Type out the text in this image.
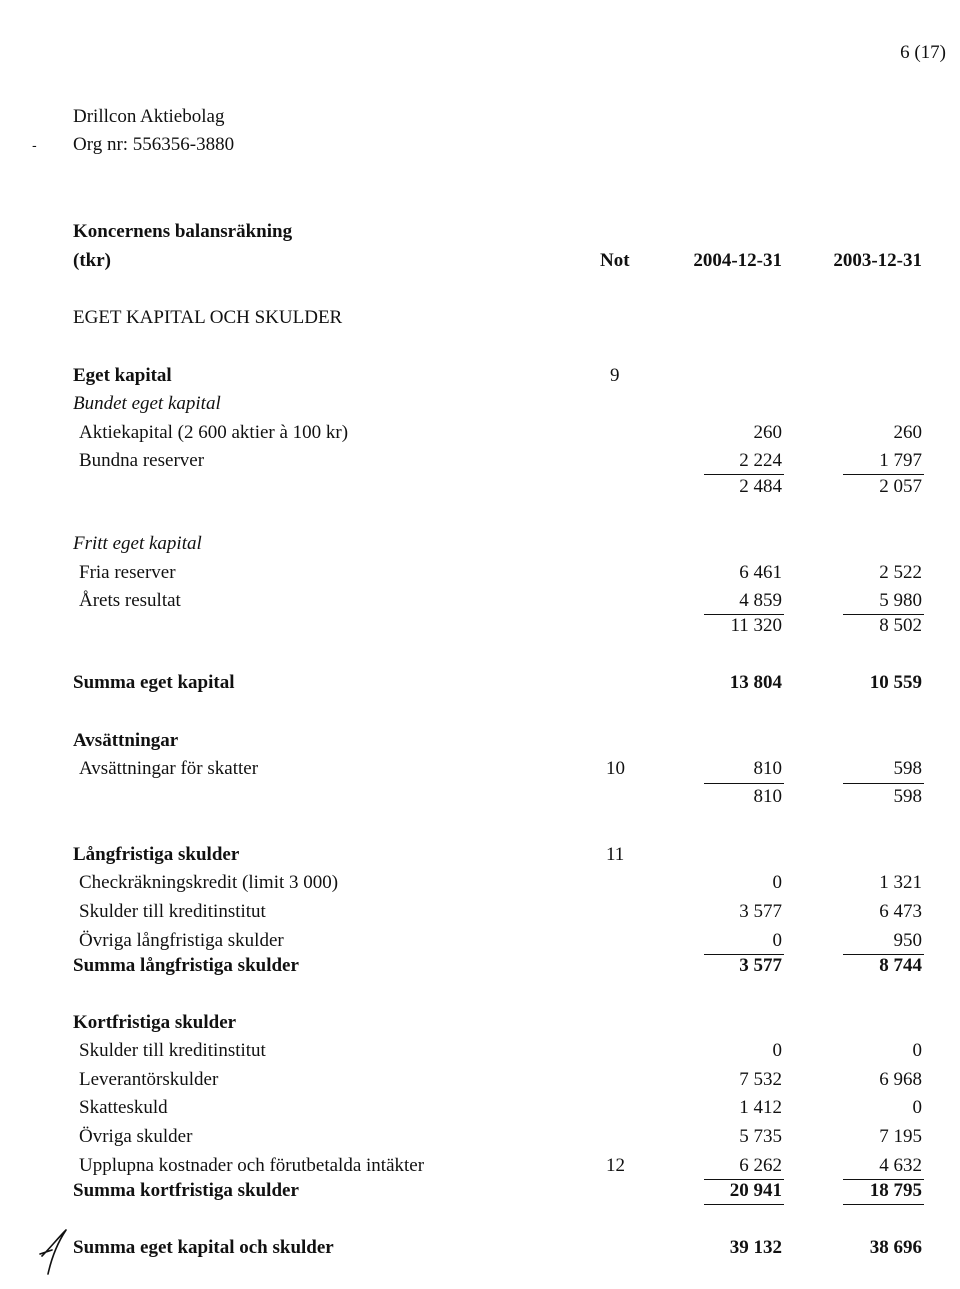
6 (17)
Drillcon Aktiebolag
Org nr: 556356-3880
‐
Koncernens balansräkning
(tkr)	Not	2004-12-31	2003-12-31
EGET KAPITAL OCH SKULDER
Eget kapital	9
Bundet eget kapital
Aktiekapital (2 600 aktier à 100 kr)	260	260
Bundna reserver	2 224	1 797
2 484	2 057
Fritt eget kapital
Fria reserver	6 461	2 522
Årets resultat	4 859	5 980
11 320	8 502
Summa eget kapital	13 804	10 559
Avsättningar
Avsättningar för skatter	10	810	598
810	598
Långfristiga skulder	11
Checkräkningskredit (limit 3 000)	0	1 321
Skulder till kreditinstitut	3 577	6 473
Övriga långfristiga skulder	0	950
Summa långfristiga skulder	3 577	8 744
Kortfristiga skulder
Skulder till kreditinstitut	0	0
Leverantörskulder	7 532	6 968
Skatteskuld	1 412	0
Övriga skulder	5 735	7 195
Upplupna kostnader och förutbetalda intäkter	12	6 262	4 632
Summa kortfristiga skulder	20 941	18 795
Summa eget kapital och skulder	39 132	38 696
